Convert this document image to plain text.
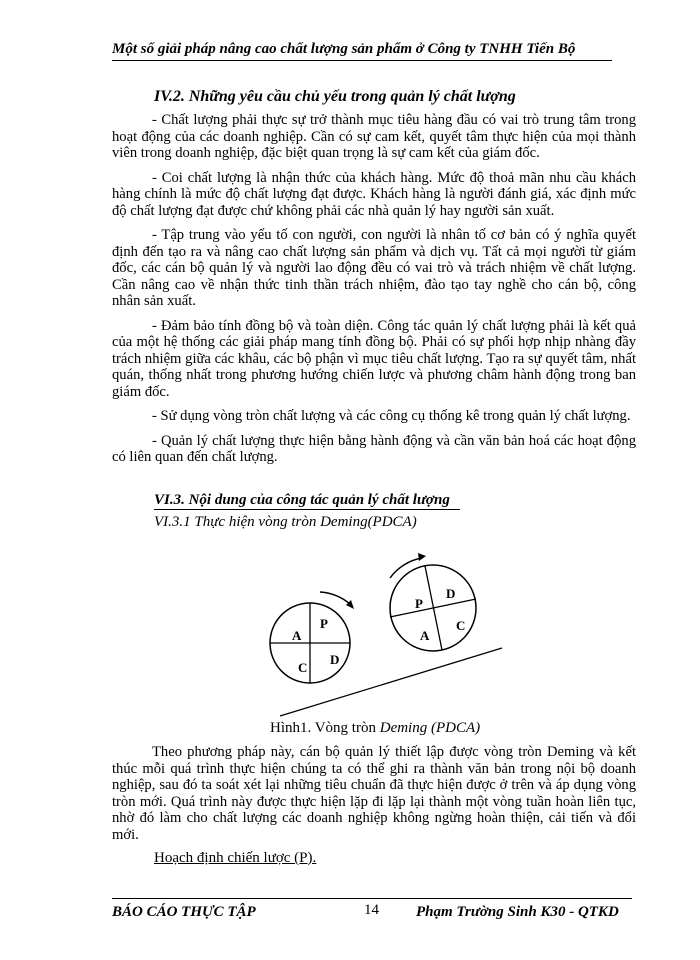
Một số giải pháp nâng cao chất lượng sản phẩm ở Công ty TNHH Tiến Bộ
IV.2. Những yêu cầu chủ yếu trong quản lý chất lượng

- Chất lượng phải thực sự trở thành mục tiêu hàng đầu có vai trò trung tâm trong hoạt động của các doanh nghiệp. Cần có sự cam kết, quyết tâm thực hiện của mọi thành viên trong doanh nghiệp, đặc biệt quan trọng là sự cam kết của giám đốc.

- Coi chất lượng là nhận thức của khách hàng. Mức độ thoả mãn nhu cầu khách hàng chính là mức độ chất lượng đạt được. Khách hàng là người đánh giá, xác định mức độ chất lượng đạt được chứ không phải các nhà quản lý hay người sản xuất.

- Tập trung vào yếu tố con người, con người là nhân tố cơ bản có ý nghĩa quyết định đến tạo ra và nâng cao chất lượng sản phẩm và dịch vụ. Tất cả mọi người từ giám đốc, các cán bộ quản lý và người lao động đều có vai trò và trách nhiệm về chất lượng. Cần nâng cao về nhận thức tinh thần trách nhiệm, đào tạo tay nghề cho cán bộ, công nhân sản xuất.

- Đảm bảo tính đồng bộ và toàn diện. Công tác quản lý chất lượng phải là kết quả của một hệ thống các giải pháp mang tính đồng bộ. Phải có sự phối hợp nhịp nhàng đầy trách nhiệm giữa các khâu, các bộ phận vì mục tiêu chất lượng. Tạo ra sự quyết tâm, nhất quán, thống nhất trong phương hướng chiến lược và phương châm hành động trong ban giám đốc.

- Sử dụng vòng tròn chất lượng và các công cụ thống kê trong quản lý chất lượng.

- Quản lý chất lượng thực hiện bằng hành động và cần văn bản hoá các hoạt động có liên quan đến chất lượng.

VI.3. Nội dung của công tác quản lý chất lượng
VI.3.1 Thực hiện vòng tròn Deming(PDCA)
A
P
C
D
P
D
A
C
Hình1. Vòng tròn Deming (PDCA)

Theo phương pháp này, cán bộ quản lý thiết lập được vòng tròn Deming và kết thúc mỗi quá trình thực hiện chúng ta có thể ghi ra thành văn bản trong nội bộ doanh nghiệp, sau đó ta soát xét lại những tiêu chuẩn đã thực hiện được ở trên và áp dụng vòng tròn mới. Quá trình này được thực hiện lặp đi lặp lại thành một vòng tuần hoàn liên tục, nhờ đó làm cho chất lượng các doanh nghiệp không ngừng hoàn thiện, cải tiến và đổi mới.

Hoạch định chiến lược (P).
BÁO CÁO THỰC TẬP	14 Phạm Trường Sinh K30 - QTKD
